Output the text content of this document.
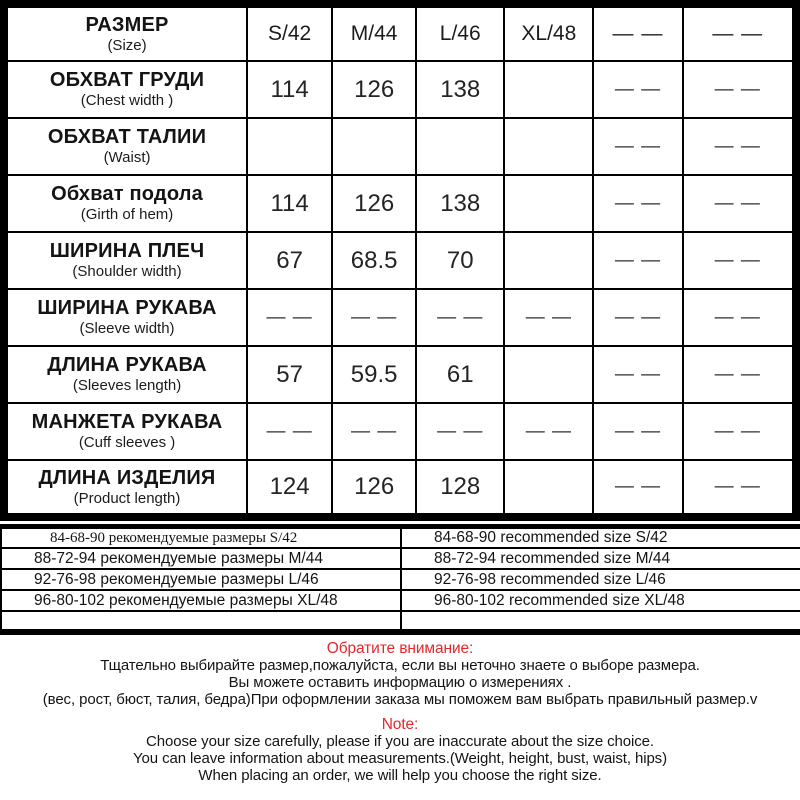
РАЗМЕР
(Size)	S/42	M/44	L/46	XL/48	— —	— —

ОБХВАТ ГРУДИ
(Chest width )	114	126	138		— —	— —

ОБХВАТ ТАЛИИ
(Waist)					— —	— —

Обхват подола
(Girth of hem)	114	126	138		— —	— —

ШИРИНА ПЛЕЧ
(Shoulder width)	67	68.5	70		— —	— —

ШИРИНА РУКАВА
(Sleeve width)	— —	— —	— —	— —	— —	— —

ДЛИНА РУКАВА
(Sleeves length)	57	59.5	61		— —	— —

МАНЖЕТА РУКАВА
(Cuff sleeves )	— —	— —	— —	— —	— —	— —

ДЛИНА ИЗДЕЛИЯ
(Product length)	124	126	128		— —	— —
84-68-90 рекомендуемые размеры S/42	84-68-90 recommended size S/42
88-72-94 рекомендуемые размеры M/44	88-72-94 recommended size M/44
92-76-98 рекомендуемые размеры L/46	92-76-98 recommended size L/46
96-80-102 рекомендуемые размеры XL/48	96-80-102 recommended size XL/48

Обратите внимание:
Тщательно выбирайте размер,пожалуйста, если вы неточно знаете о выборе размера.
Вы можете оставить информацию о измерениях .
(вес, рост, бюст, талия, бедра)При оформлении заказа мы поможем вам выбрать правильный размер.v
Note:
Choose your size carefully, please if you are inaccurate about the size choice.
You can leave information about measurements.(Weight, height, bust, waist, hips)
When placing an order, we will help you choose the right size.
